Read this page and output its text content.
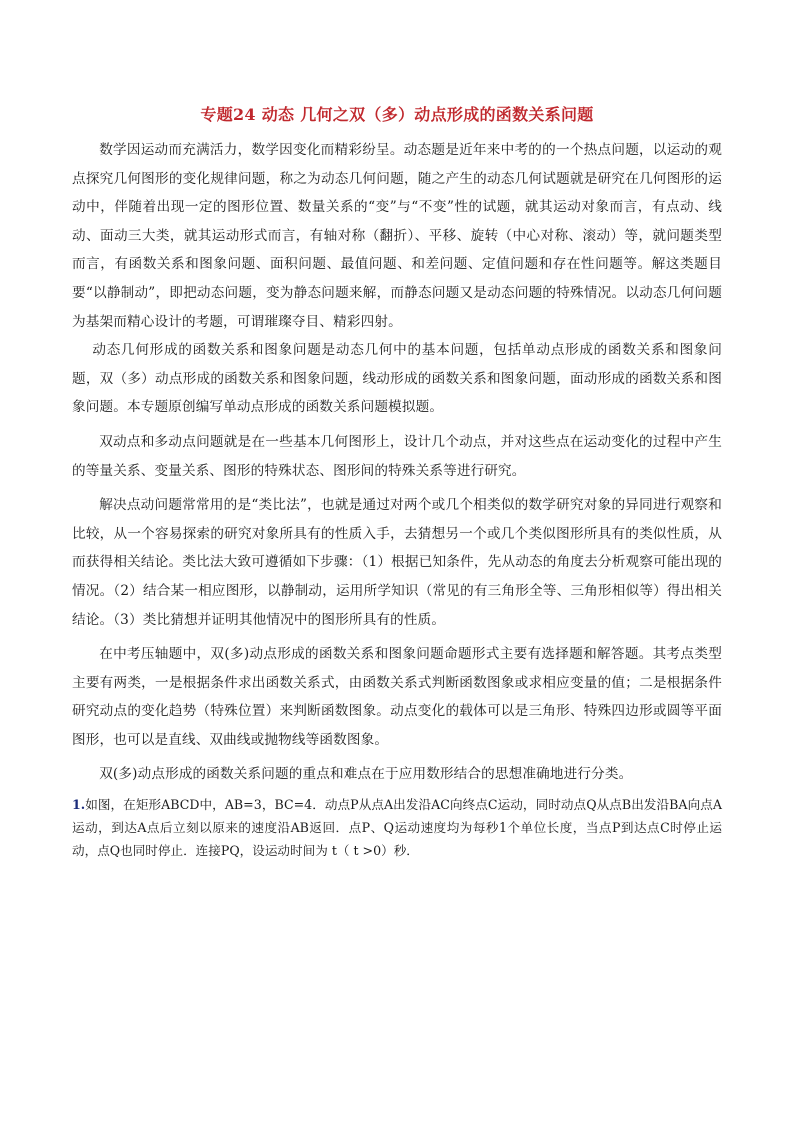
专题24 动态 几何之双（多）动点形成的函数关系问题

数学因运动而充满活力，数学因变化而精彩纷呈。动态题是近年来中考的的一个热点问题，以运动的观点探究几何图形的变化规律问题，称之为动态几何问题，随之产生的动态几何试题就是研究在几何图形的运动中，伴随着出现一定的图形位置、数量关系的“变”与“不变”性的试题，就其运动对象而言，有点动、线动、面动三大类，就其运动形式而言，有轴对称（翻折）、平移、旋转（中心对称、滚动）等，就问题类型而言，有函数关系和图象问题、面积问题、最值问题、和差问题、定值问题和存在性问题等。解这类题目要“以静制动”，即把动态问题，变为静态问题来解，而静态问题又是动态问题的特殊情况。以动态几何问题为基架而精心设计的考题，可谓璀璨夺目、精彩四射。

动态几何形成的函数关系和图象问题是动态几何中的基本问题，包括单动点形成的函数关系和图象问题，双（多）动点形成的函数关系和图象问题，线动形成的函数关系和图象问题，面动形成的函数关系和图象问题。本专题原创编写单动点形成的函数关系问题模拟题。

双动点和多动点问题就是在一些基本几何图形上，设计几个动点，并对这些点在运动变化的过程中产生的等量关系、变量关系、图形的特殊状态、图形间的特殊关系等进行研究。

解决点动问题常常用的是“类比法”，也就是通过对两个或几个相类似的数学研究对象的异同进行观察和比较，从一个容易探索的研究对象所具有的性质入手，去猜想另一个或几个类似图形所具有的类似性质，从而获得相关结论。类比法大致可遵循如下步骤：（1）根据已知条件，先从动态的角度去分析观察可能出现的情况。（2）结合某一相应图形，以静制动，运用所学知识（常见的有三角形全等、三角形相似等）得出相关结论。（3）类比猜想并证明其他情况中的图形所具有的性质。

在中考压轴题中，双(多)动点形成的函数关系和图象问题命题形式主要有选择题和解答题。其考点类型主要有两类，一是根据条件求出函数关系式，由函数关系式判断函数图象或求相应变量的值；二是根据条件研究动点的变化趋势（特殊位置）来判断函数图象。动点变化的载体可以是三角形、特殊四边形或圆等平面图形，也可以是直线、双曲线或抛物线等函数图象。

双(多)动点形成的函数关系问题的重点和难点在于应用数形结合的思想准确地进行分类。

1.如图，在矩形ABCD中，AB=3，BC=4．动点P从点A出发沿AC向终点C运动，同时动点Q从点B出发沿BA向点A运动，到达A点后立刻以原来的速度沿AB返回．点P、Q运动速度均为每秒1个单位长度，当点P到达点C时停止运动，点Q也同时停止．连接PQ，设运动时间为 t（ t >0）秒．
